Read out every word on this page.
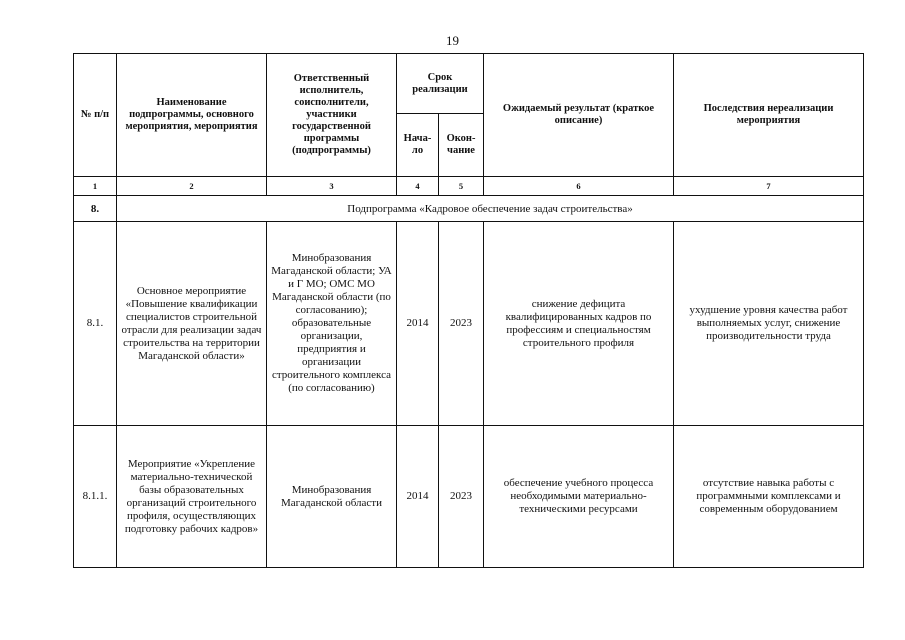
19
№ п/п	Наименование подпрограммы, основного мероприятия, мероприятия	Ответственный исполнитель, соисполнители, участники государственной программы (подпрограммы)	Срок реализации		Ожидаемый результат (краткое описание)	Последствия нереализации мероприятия
			Нача-ло	Окон-чание		
1	2	3	4	5	6	7
8.	Подпрограмма «Кадровое обеспечение задач строительства»					
8.1.	Основное мероприятие «Повышение квалификации специалистов строительной отрасли для реализации задач строительства на территории Магаданской области»	Минобразования Магаданской области; УА и Г МО; ОМС МО Магаданской области (по согласованию); образовательные организации, предприятия и организации строительного комплекса (по согласованию)	2014	2023	снижение дефицита квалифицированных кадров по профессиям и специальностям строительного профиля	ухудшение уровня качества работ выполняемых услуг, снижение производительности труда
8.1.1.	Мероприятие «Укрепление материально-технической базы образовательных организаций строительного профиля, осуществляющих подготовку рабочих кадров»	Минобразования Магаданской области	2014	2023	обеспечение учебного процесса необходимыми материально-техническими ресурсами	отсутствие навыка работы с программными комплексами и современным оборудованием
